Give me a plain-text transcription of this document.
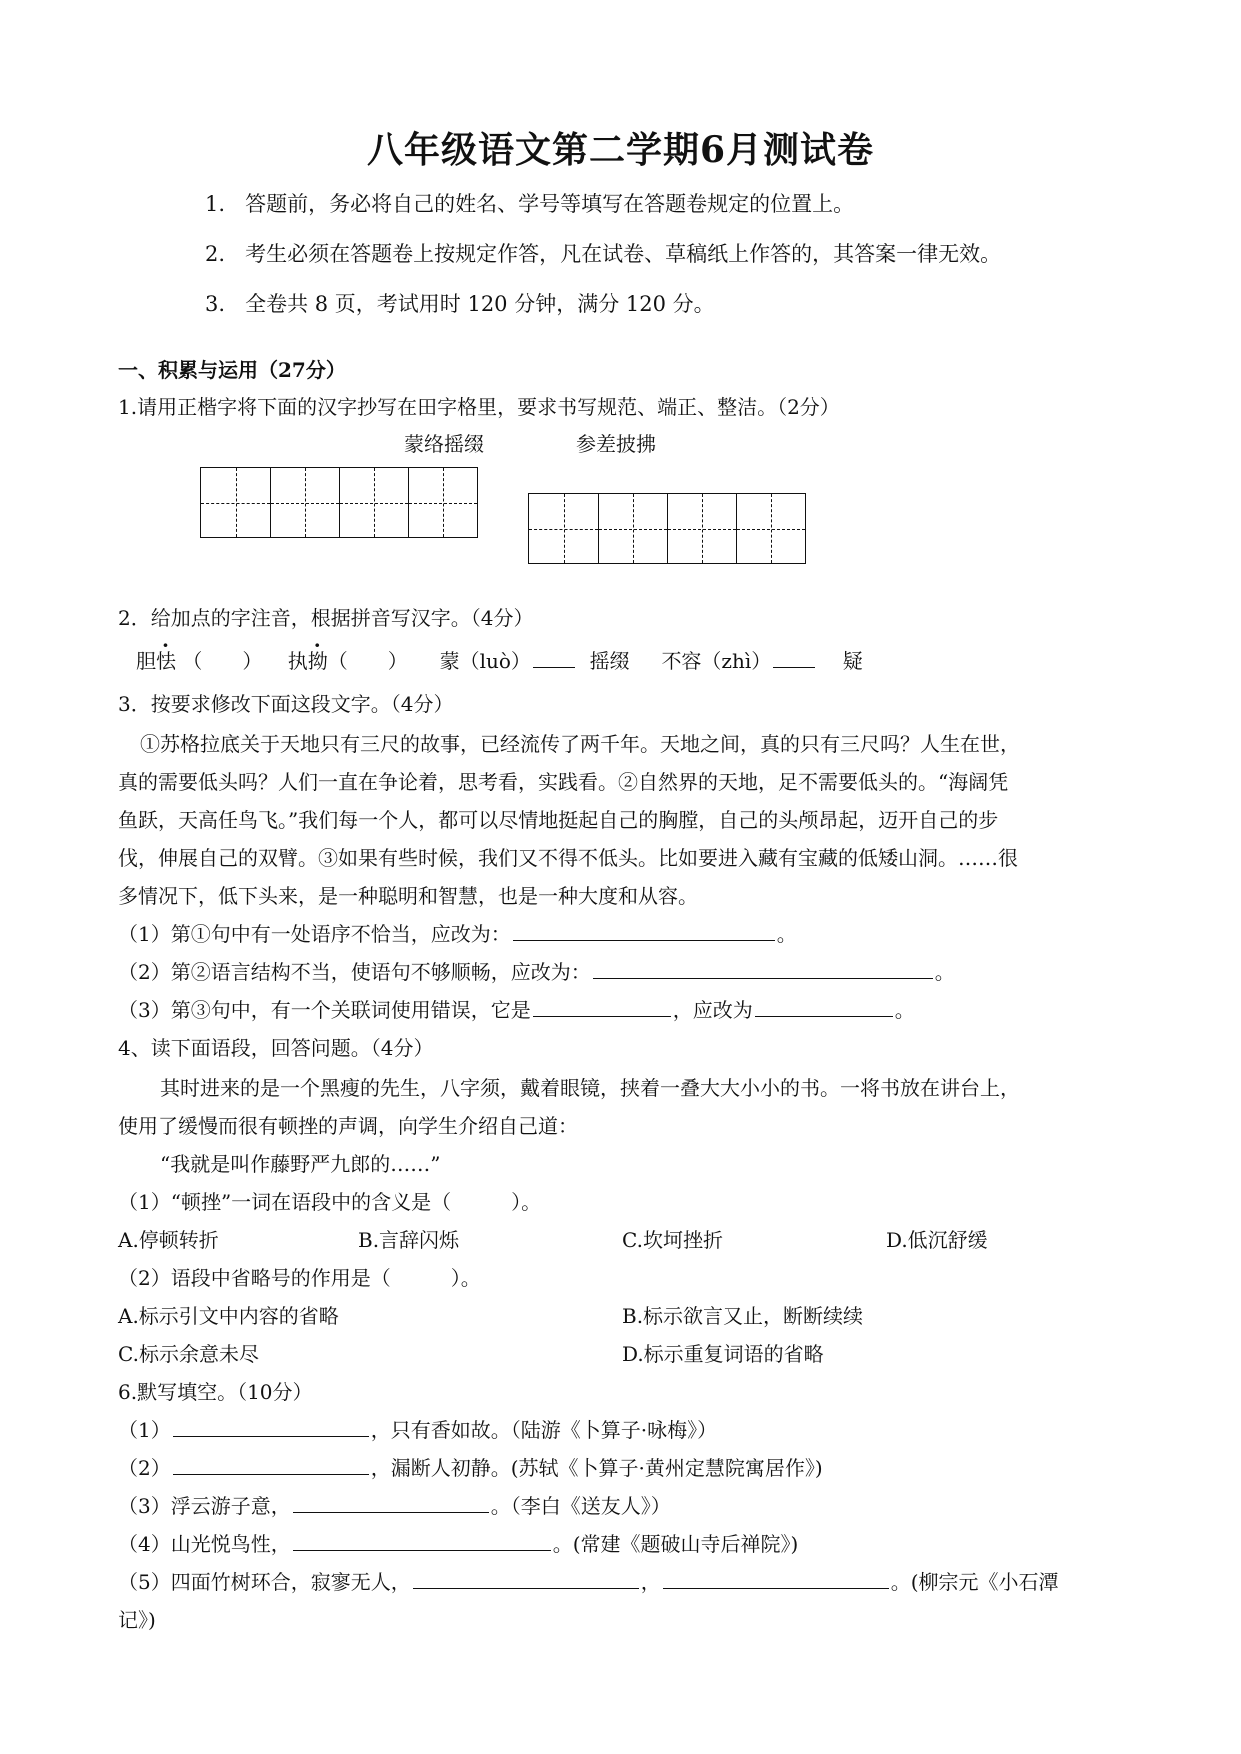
八年级语文第二学期6月测试卷
1. 答题前，务必将自己的姓名、学号等填写在答题卷规定的位置上。
2. 考生必须在答题卷上按规定作答，凡在试卷、草稿纸上作答的，其答案一律无效。
3. 全卷共 8 页，考试用时 120 分钟，满分 120 分。
一、积累与运用（27分）
1.请用正楷字将下面的汉字抄写在田字格里，要求书写规范、端正、整洁。（2分）
蒙络摇缀	参差披拂
2．给加点的字注音，根据拼音写汉字。（4分）
胆怯 （　　） 执拗（　　） 蒙（luò）	摇缀 不容（zhì）	疑
3．按要求修改下面这段文字。（4分）
①苏格拉底关于天地只有三尺的故事，已经流传了两千年。天地之间，真的只有三尺吗？人生在世，
真的需要低头吗？人们一直在争论着，思考看，实践看。②自然界的天地，足不需要低头的。“海阔凭
鱼跃，天高任鸟飞。”我们每一个人，都可以尽情地挺起自己的胸膛，自己的头颅昂起，迈开自己的步
伐，伸展自己的双臂。③如果有些时候，我们又不得不低头。比如要进入藏有宝藏的低矮山洞。……很
多情况下，低下头来，是一种聪明和智慧，也是一种大度和从容。
（1）第①句中有一处语序不恰当，应改为：	。
（2）第②语言结构不当，使语句不够顺畅，应改为：	。
（3）第③句中，有一个关联词使用错误，它是	，应改为	。
4、读下面语段，回答问题。（4分）
其时进来的是一个黑瘦的先生，八字须，戴着眼镜，挟着一叠大大小小的书。一将书放在讲台上，
使用了缓慢而很有顿挫的声调，向学生介绍自己道：
“我就是叫作藤野严九郎的……”
（1）“顿挫”一词在语段中的含义是（　　　）。
A.停顿转折	B.言辞闪烁	C.坎坷挫折	D.低沉舒缓
（2）语段中省略号的作用是（　　　）。
A.标示引文中内容的省略	B.标示欲言又止，断断续续
C.标示余意未尽	D.标示重复词语的省略
6.默写填空。（10分）
（1）	，只有香如故。（陆游《卜算子·咏梅》）
（2）	，漏断人初静。(苏轼《卜算子·黄州定慧院寓居作》)
（3）浮云游子意，	。（李白《送友人》）
（4）山光悦鸟性，	。(常建《题破山寺后禅院》)
（5）四面竹树环合，寂寥无人，	，	。(柳宗元《小石潭
记》)
